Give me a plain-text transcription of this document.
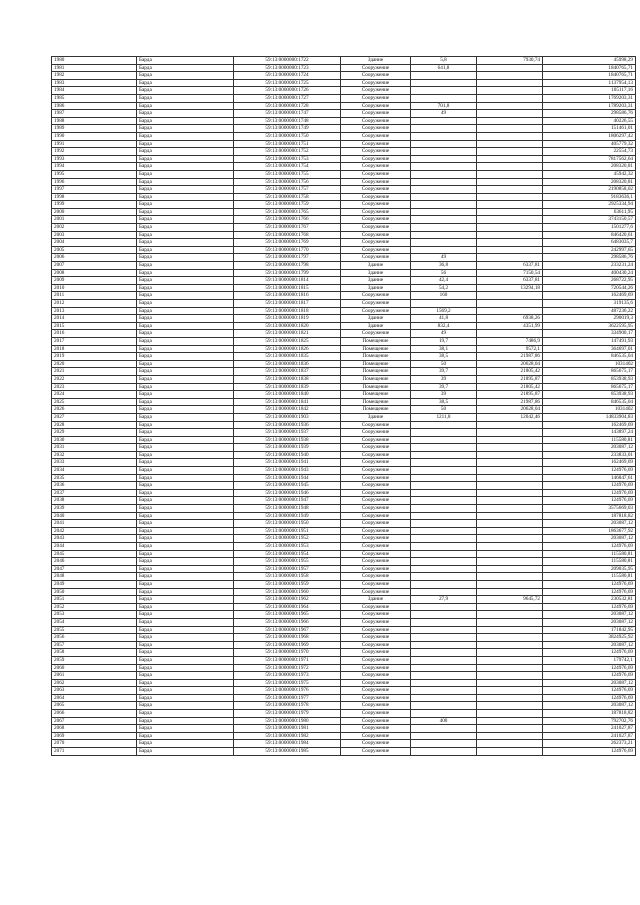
1980	Барда	59:13:0000000:1722	Здание	5,8	7930,74	45998,29
1981	Барда	59:13:0000000:1723	Сооружение	641,8		1840765,71
1982	Барда	59:13:0000000:1724	Сооружение			1840765,71
1983	Барда	59:13:0000000:1725	Сооружение			1137954,13
1984	Барда	59:13:0000000:1726	Сооружение			105117,16
1985	Барда	59:13:0000000:1727	Сооружение			1769203,31
1986	Барда	59:13:0000000:1728	Сооружение	701,8		1789203,31
1987	Барда	59:13:0000000:1747	Сооружение	49		298586,76
1988	Барда	59:13:0000000:1748	Сооружение			40226,55
1989	Барда	59:13:0000000:1749	Сооружение			151461,01
1990	Барда	59:13:0000000:1750	Сооружение			1806297,42
1991	Барда	59:13:0000000:1751	Сооружение			405779,32
1992	Барда	59:13:0000000:1752	Сооружение			22554,73
1993	Барда	59:13:0000000:1753	Сооружение			7817562,64
1994	Барда	59:13:0000000:1754	Сооружение			208320,81
1995	Барда	59:13:0000000:1755	Сооружение			45942,32
1996	Барда	59:13:0000000:1756	Сооружение			208320,81
1997	Барда	59:13:0000000:1757	Сооружение			2190858,02
1998	Барда	59:13:0000000:1758	Сооружение			9183636,1
1999	Барда	59:13:0000000:1759	Сооружение			2925334,94
2000	Барда	59:13:0000000:1765	Сооружение			63611,95
2001	Барда	59:13:0000000:1766	Сооружение			3743150,57
2002	Барда	59:13:0000000:1767	Сооружение			1501277,6
2003	Барда	59:13:0000000:1768	Сооружение			846420,61
2004	Барда	59:13:0000000:1769	Сооружение			6483035,7
2005	Барда	59:13:0000000:1770	Сооружение			242997,65
2006	Барда	59:13:0000000:1797	Сооружение	49		298586,76
2007	Барда	59:13:0000000:1798	Здание	36,8	6337,81	233231,24
2008	Барда	59:13:0000000:1799	Здание	56	7150,54	400430,24
2009	Барда	59:13:0000000:1814	Здание	42,4	6337,81	268722,95
2010	Барда	59:13:0000000:1815	Здание	54,2	13294,18	720544,26
2011	Барда	59:13:0000000:1816	Сооружение	160		162469,69
2012	Барда	59:13:0000000:1817	Сооружение			319135,6
2013	Барда	59:13:0000000:1818	Сооружение	1569,2		487236,22
2014	Барда	59:13:0000000:1819	Здание	41,8	6938,26	290019,3
2015	Барда	59:13:0000000:1820	Здание	832,4	4351,99	3622595,95
2016	Барда	59:13:0000000:1821	Сооружение	49		334900,17
2017	Барда	59:13:0000000:1825	Помещение	19,7	7486,9	147491,93
2018	Барда	59:13:0000000:1826	Помещение	38,1	9572,1	364697,01
2019	Барда	59:13:0000000:1835	Помещение	38,5	21987,86	846535,04
2020	Барда	59:13:0000000:1836	Помещение	50	20628,04	1031402
2021	Барда	59:13:0000000:1837	Помещение	39,7	21805,42	865675,17
2022	Барда	59:13:0000000:1838	Помещение	39	21895,87	853938,93
2023	Барда	59:13:0000000:1839	Помещение	39,7	21805,42	865675,17
2024	Барда	59:13:0000000:1840	Помещение	39	21895,87	853938,93
2025	Барда	59:13:0000000:1841	Помещение	38,5	21987,86	846535,04
2026	Барда	59:13:0000000:1842	Помещение	50	20628,04	1031402
2027	Барда	59:13:0000000:1903	Здание	1211,8	12042,46	14833904,83
2028	Барда	59:13:0000000:1936	Сооружение			162469,69
2029	Барда	59:13:0000000:1937	Сооружение			143897,24
2030	Барда	59:13:0000000:1938	Сооружение			115580,81
2031	Барда	59:13:0000000:1939	Сооружение			203087,12
2032	Барда	59:13:0000000:1940	Сооружение			233833,01
2033	Барда	59:13:0000000:1941	Сооружение			162469,69
2034	Барда	59:13:0000000:1943	Сооружение			124976,69
2035	Барда	59:13:0000000:1944	Сооружение			146847,61
2036	Барда	59:13:0000000:1945	Сооружение			124976,69
2037	Барда	59:13:0000000:1946	Сооружение			124976,69
2038	Барда	59:13:0000000:1947	Сооружение			124976,69
2039	Барда	59:13:0000000:1948	Сооружение			3575669,03
2040	Барда	59:13:0000000:1949	Сооружение			187818,82
2041	Барда	59:13:0000000:1950	Сооружение			203087,12
2042	Барда	59:13:0000000:1951	Сооружение			1863677,92
2043	Барда	59:13:0000000:1952	Сооружение			203087,12
2044	Барда	59:13:0000000:1953	Сооружение			124976,69
2045	Барда	59:13:0000000:1954	Сооружение			115580,81
2046	Барда	59:13:0000000:1955	Сооружение			115580,81
2047	Барда	59:13:0000000:1957	Сооружение			209035,95
2048	Барда	59:13:0000000:1958	Сооружение			115580,81
2049	Барда	59:13:0000000:1959	Сооружение			124976,69
2050	Барда	59:13:0000000:1960	Сооружение			124976,69
2051	Барда	59:13:0000000:1962	Здание	27,9	9645,72	230532,81
2052	Барда	59:13:0000000:1964	Сооружение			124976,69
2053	Барда	59:13:0000000:1965	Сооружение			203087,12
2054	Барда	59:13:0000000:1966	Сооружение			203087,12
2055	Барда	59:13:0000000:1967	Сооружение			171842,95
2056	Барда	59:13:0000000:1968	Сооружение			3824925,92
2057	Барда	59:13:0000000:1969	Сооружение			203087,12
2058	Барда	59:13:0000000:1970	Сооружение			124976,69
2059	Барда	59:13:0000000:1971	Сооружение			179742,1
2060	Барда	59:13:0000000:1972	Сооружение			124976,69
2061	Барда	59:13:0000000:1973	Сооружение			124976,69
2062	Барда	59:13:0000000:1975	Сооружение			203087,12
2063	Барда	59:13:0000000:1976	Сооружение			124976,69
2064	Барда	59:13:0000000:1977	Сооружение			124976,69
2065	Барда	59:13:0000000:1978	Сооружение			203087,12
2066	Барда	59:13:0000000:1979	Сооружение			187818,82
2067	Барда	59:13:0000000:1980	Сооружение	400		792702,76
2068	Барда	59:13:0000000:1981	Сооружение			241027,87
2069	Барда	59:13:0000000:1982	Сооружение			241027,87
2070	Барда	59:13:0000000:1984	Сооружение			262373,21
2071	Барда	59:13:0000000:1985	Сооружение			124976,69
